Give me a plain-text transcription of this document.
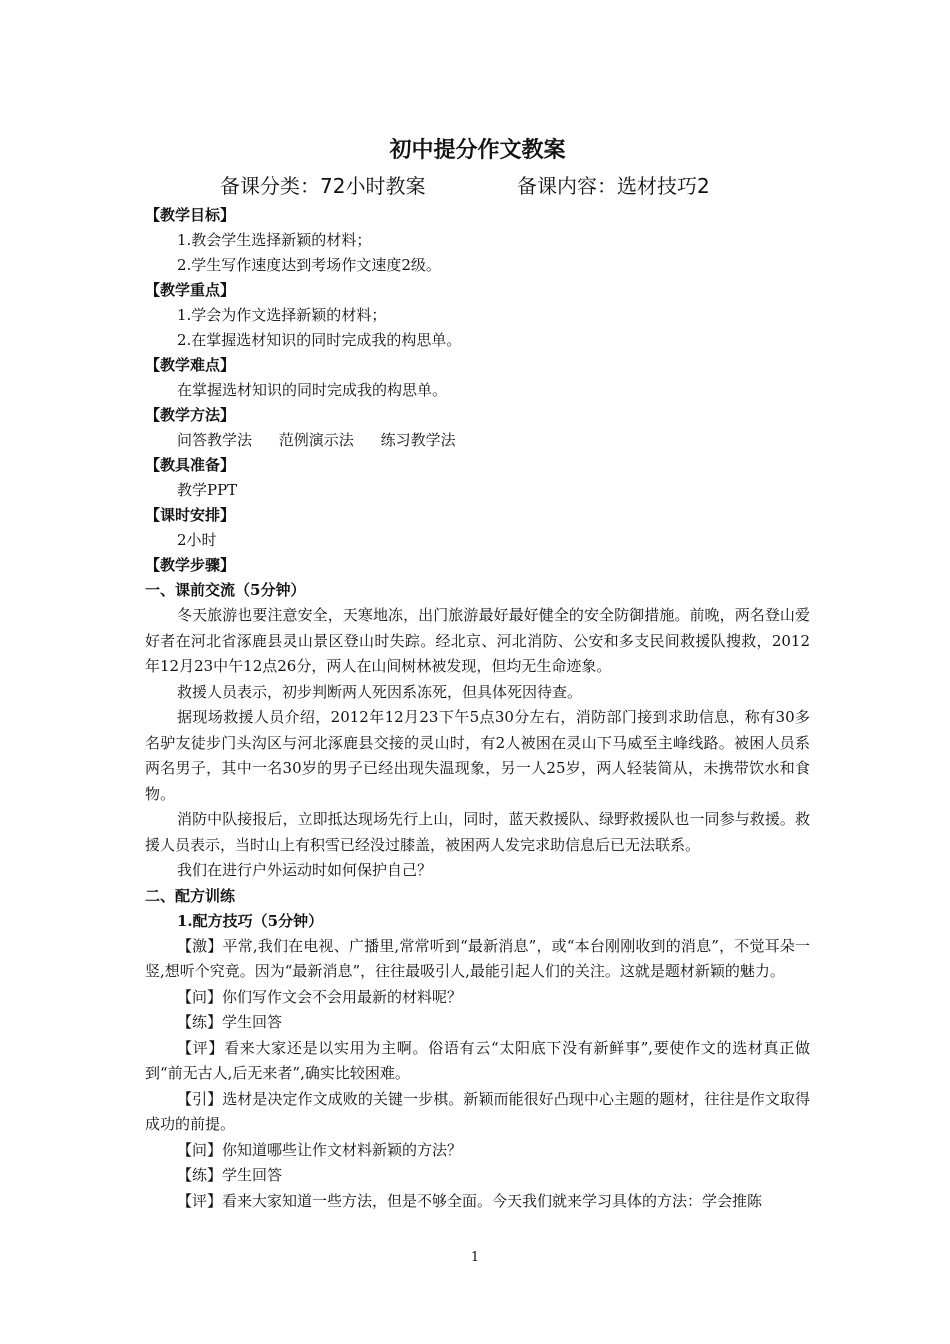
初中提分作文教案
备课分类：72小时教案	备课内容：选材技巧2
【教学目标】
1.教会学生选择新颖的材料；
2.学生写作速度达到考场作文速度2级。
【教学重点】
1.学会为作文选择新颖的材料；
2.在掌握选材知识的同时完成我的构思单。
【教学难点】
在掌握选材知识的同时完成我的构思单。
【教学方法】
问答教学法 范例演示法 练习教学法
【教具准备】
教学PPT
【课时安排】
2小时
【教学步骤】
一、课前交流（5分钟）

冬天旅游也要注意安全，天寒地冻，出门旅游最好最好健全的安全防御措施。前晚，两名登山爱好者在河北省涿鹿县灵山景区登山时失踪。经北京、河北消防、公安和多支民间救援队搜救，2012年12月23中午12点26分，两人在山间树林被发现，但均无生命迹象。

救援人员表示，初步判断两人死因系冻死，但具体死因待查。

据现场救援人员介绍，2012年12月23下午5点30分左右，消防部门接到求助信息，称有30多名驴友徒步门头沟区与河北涿鹿县交接的灵山时，有2人被困在灵山下马威至主峰线路。被困人员系两名男子，其中一名30岁的男子已经出现失温现象，另一人25岁，两人轻装简从，未携带饮水和食物。

消防中队接报后，立即抵达现场先行上山，同时，蓝天救援队、绿野救援队也一同参与救援。救援人员表示，当时山上有积雪已经没过膝盖，被困两人发完求助信息后已无法联系。

我们在进行户外运动时如何保护自己？

二、配方训练
1.配方技巧（5分钟）

【激】平常,我们在电视、广播里,常常听到“最新消息”，或“本台刚刚收到的消息”，不觉耳朵一竖,想听个究竟。因为“最新消息”，往往最吸引人,最能引起人们的关注。这就是题材新颖的魅力。

【问】你们写作文会不会用最新的材料呢？

【练】学生回答

【评】看来大家还是以实用为主啊。俗语有云“太阳底下没有新鲜事”,要使作文的选材真正做到“前无古人,后无来者”,确实比较困难。

【引】选材是决定作文成败的关键一步棋。新颖而能很好凸现中心主题的题材，往往是作文取得成功的前提。

【问】你知道哪些让作文材料新颖的方法？

【练】学生回答

【评】看来大家知道一些方法，但是不够全面。今天我们就来学习具体的方法：学会推陈

1
